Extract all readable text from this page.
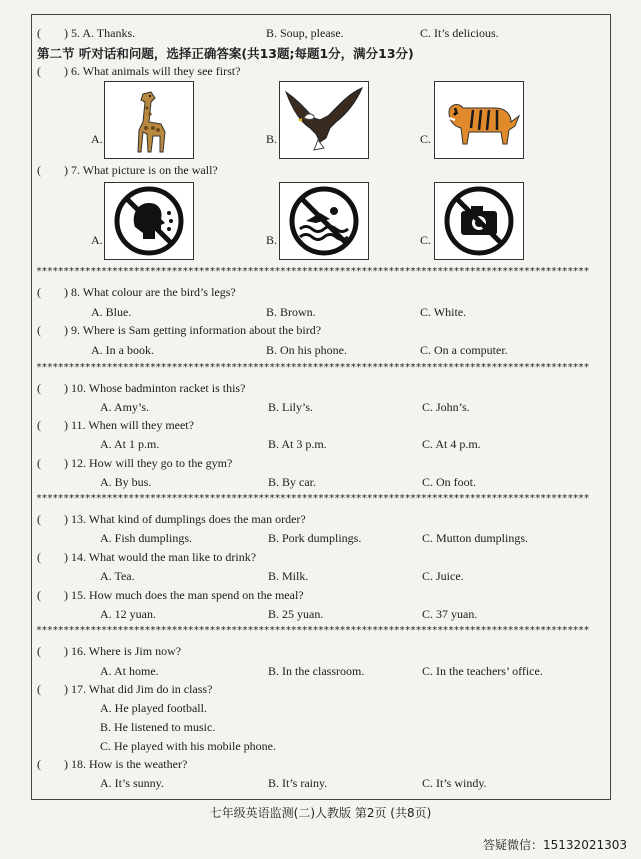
( ) 5. A. Thanks.	B. Soup, please.	C. It’s delicious.
第二节 听对话和问题，选择正确答案(共13题;每题1分，满分13分)
( ) 6. What animals will they see first?
A.	B.	C.
( ) 7. What picture is on the wall?
A.	B.	C.
******************************************************************************************************
( ) 8. What colour are the bird’s legs?
A. Blue.	B. Brown.	C. White.
( ) 9. Where is Sam getting information about the bird?
A. In a book.	B. On his phone.	C. On a computer.
******************************************************************************************************
( ) 10. Whose badminton racket is this?
A. Amy’s.	B. Lily’s.	C. John’s.
( ) 11. When will they meet?
A. At 1 p.m.	B. At 3 p.m.	C. At 4 p.m.
( ) 12. How will they go to the gym?
A. By bus.	B. By car.	C. On foot.
******************************************************************************************************
( ) 13. What kind of dumplings does the man order?
A. Fish dumplings.	B. Pork dumplings.	C. Mutton dumplings.
( ) 14. What would the man like to drink?
A. Tea.	B. Milk.	C. Juice.
( ) 15. How much does the man spend on the meal?
A. 12 yuan.	B. 25 yuan.	C. 37 yuan.
******************************************************************************************************
( ) 16. Where is Jim now?
A. At home.	B. In the classroom.	C. In the teachers’ office.
( ) 17. What did Jim do in class?
A. He played football.
B. He listened to music.
C. He played with his mobile phone.
( ) 18. How is the weather?
A. It’s sunny.	B. It’s rainy.	C. It’s windy.
七年级英语监测(二)人教版 第2页 (共8页)
答疑微信：15132021303
